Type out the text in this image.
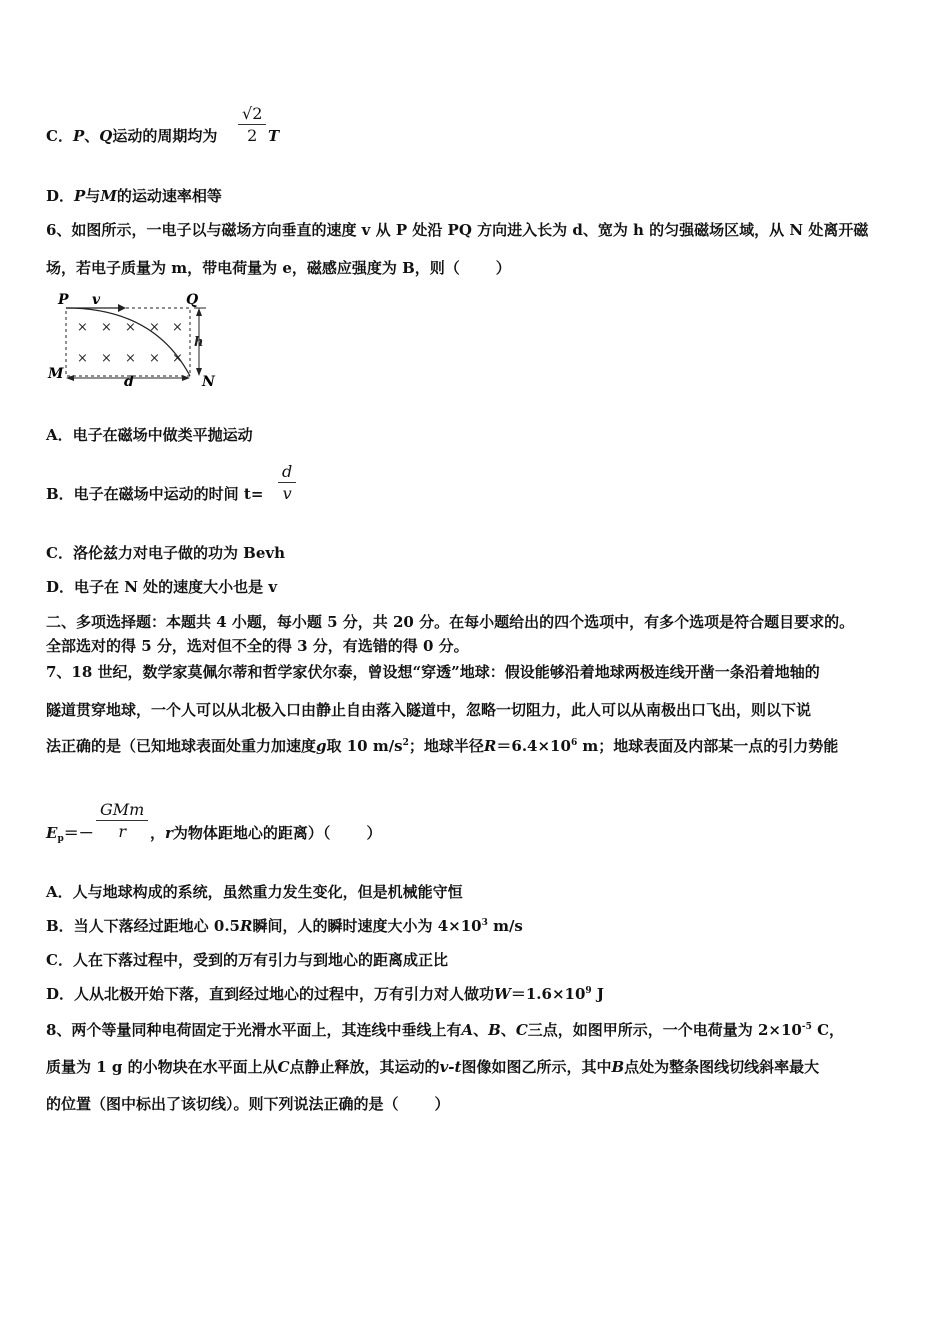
C．P、Q运动的周期均为
√2
2 T
D．P与M的运动速率相等
6、如图所示，一电子以与磁场方向垂直的速度 v 从 P 处沿 PQ 方向进入长为 d、宽为 h 的匀强磁场区域，从 N 处离开磁
场，若电子质量为 m，带电荷量为 e，磁感应强度为 B，则（ ）
P v	Q
× × × × ×
× × × × ×
h
M	d	N
A．电子在磁场中做类平抛运动
B．电子在磁场中运动的时间 t=
d
v
C．洛伦兹力对电子做的功为 Bevh
D．电子在 N 处的速度大小也是 v
二、多项选择题：本题共 4 小题，每小题 5 分，共 20 分。在每小题给出的四个选项中，有多个选项是符合题目要求的。
全部选对的得 5 分，选对但不全的得 3 分，有选错的得 0 分。
7、18 世纪，数学家莫佩尔蒂和哲学家伏尔泰，曾设想“穿透”地球：假设能够沿着地球两极连线开凿一条沿着地轴的
隧道贯穿地球，一个人可以从北极入口由静止自由落入隧道中，忽略一切阻力，此人可以从南极出口飞出，则以下说
法正确的是（已知地球表面处重力加速度g取 10 $m/s^2$；地球半径$R=6.4\times 10^6$ m；地球表面及内部某一点的引力势能
$E_p=-$
GMm
r	，r为物体距地心的距离）（ ）
A．人与地球构成的系统，虽然重力发生变化，但是机械能守恒
B．当人下落经过距地心 0.5R瞬间，人的瞬时速度大小为 $4\times 10^3$ m/s
C．人在下落过程中，受到的万有引力与到地心的距离成正比
D．人从北极开始下落，直到经过地心的过程中，万有引力对人做功$W=1.6\times 10^9$ J
8、两个等量同种电荷固定于光滑水平面上，其连线中垂线上有A、B、C三点，如图甲所示，一个电荷量为 $2\times 10^{-5}$ C，
质量为 1 g 的小物块在水平面上从C点静止释放，其运动的v-t图像如图乙所示，其中B点处为整条图线切线斜率最大
的位置（图中标出了该切线）。则下列说法正确的是（ ）
